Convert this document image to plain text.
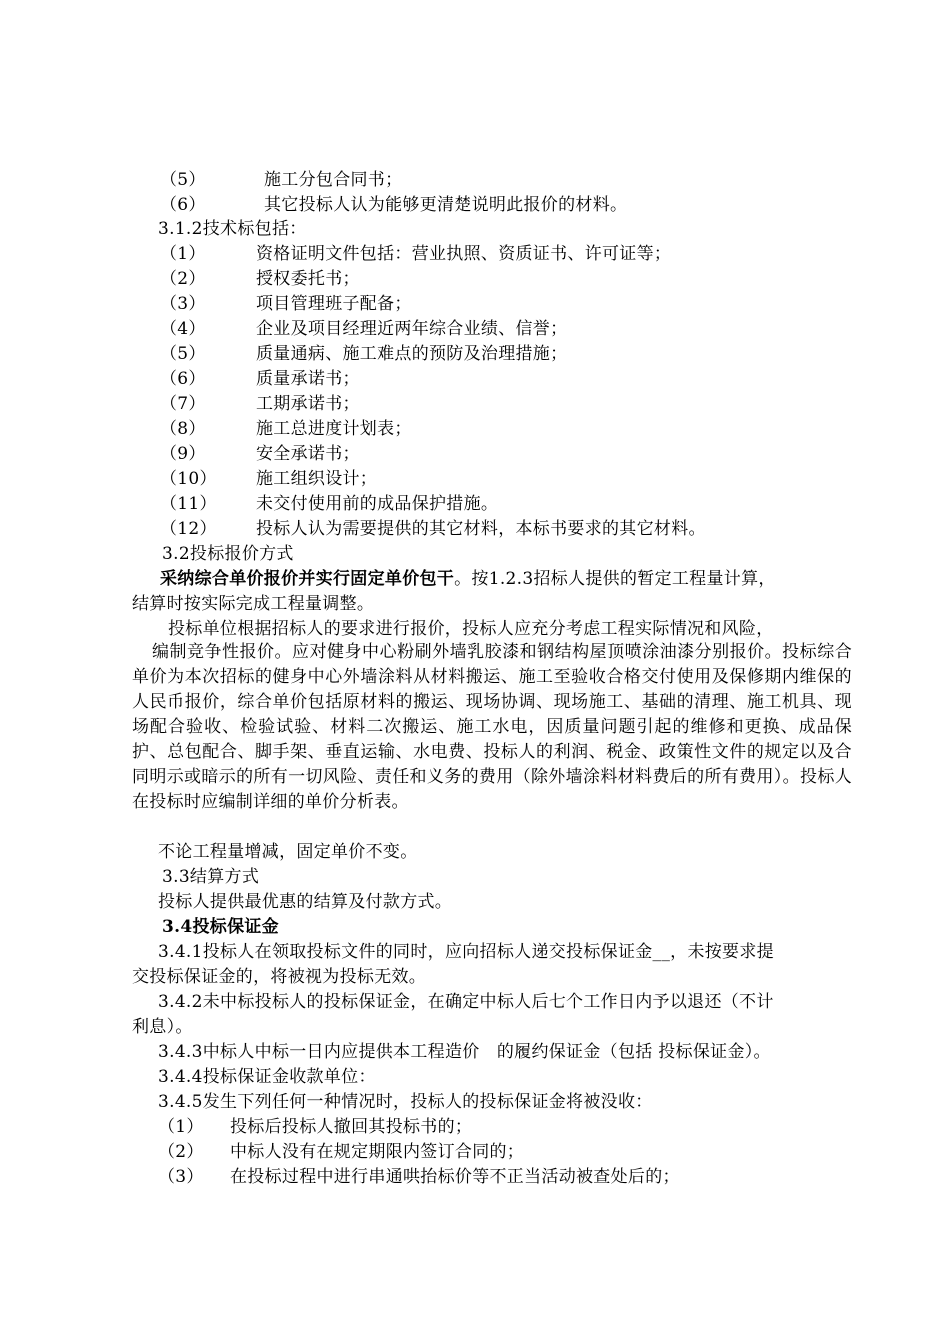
（5）	施工分包合同书；
（6）	其它投标人认为能够更清楚说明此报价的材料。
3.1.2技术标包括：
（1）	资格证明文件包括：营业执照、资质证书、许可证等；
（2）	授权委托书；
（3）	项目管理班子配备；
（4）	企业及项目经理近两年综合业绩、信誉；
（5）	质量通病、施工难点的预防及治理措施；
（6）	质量承诺书；
（7）	工期承诺书；
（8）	施工总进度计划表；
（9）	安全承诺书；
（10） 施工组织设计；
（11） 未交付使用前的成品保护措施。
（12） 投标人认为需要提供的其它材料，本标书要求的其它材料。
3.2投标报价方式
采纳综合单价报价并实行固定单价包干。按1.2.3招标人提供的暂定工程量计算，
结算时按实际完成工程量调整。
投标单位根据招标人的要求进行报价，投标人应充分考虑工程实际情况和风险，

编制竞争性报价。应对健身中心粉刷外墙乳胶漆和钢结构屋顶喷涂油漆分别报价。投标综合单价为本次招标的健身中心外墙涂料从材料搬运、施工至验收合格交付使用及保修期内维保的人民币报价，综合单价包括原材料的搬运、现场协调、现场施工、基础的清理、施工机具、现场配合验收、检验试验、材料二次搬运、施工水电，因质量问题引起的维修和更换、成品保护、总包配合、脚手架、垂直运输、水电费、投标人的利润、税金、政策性文件的规定以及合同明示或暗示的所有一切风险、责任和义务的费用（除外墙涂料材料费后的所有费用）。投标人在投标时应编制详细的单价分析表。

不论工程量增减，固定单价不变。
3.3结算方式
投标人提供最优惠的结算及付款方式。
3.4投标保证金
3.4.1投标人在领取投标文件的同时，应向招标人递交投标保证金__，未按要求提
交投标保证金的，将被视为投标无效。
3.4.2未中标投标人的投标保证金，在确定中标人后七个工作日内予以退还（不计
利息）。
3.4.3中标人中标一日内应提供本工程造价　的履约保证金（包括 投标保证金）。
3.4.4投标保证金收款单位：
3.4.5发生下列任何一种情况时，投标人的投标保证金将被没收：
（1） 投标后投标人撤回其投标书的；
（2） 中标人没有在规定期限内签订合同的；
（3） 在投标过程中进行串通哄抬标价等不正当活动被查处后的；
